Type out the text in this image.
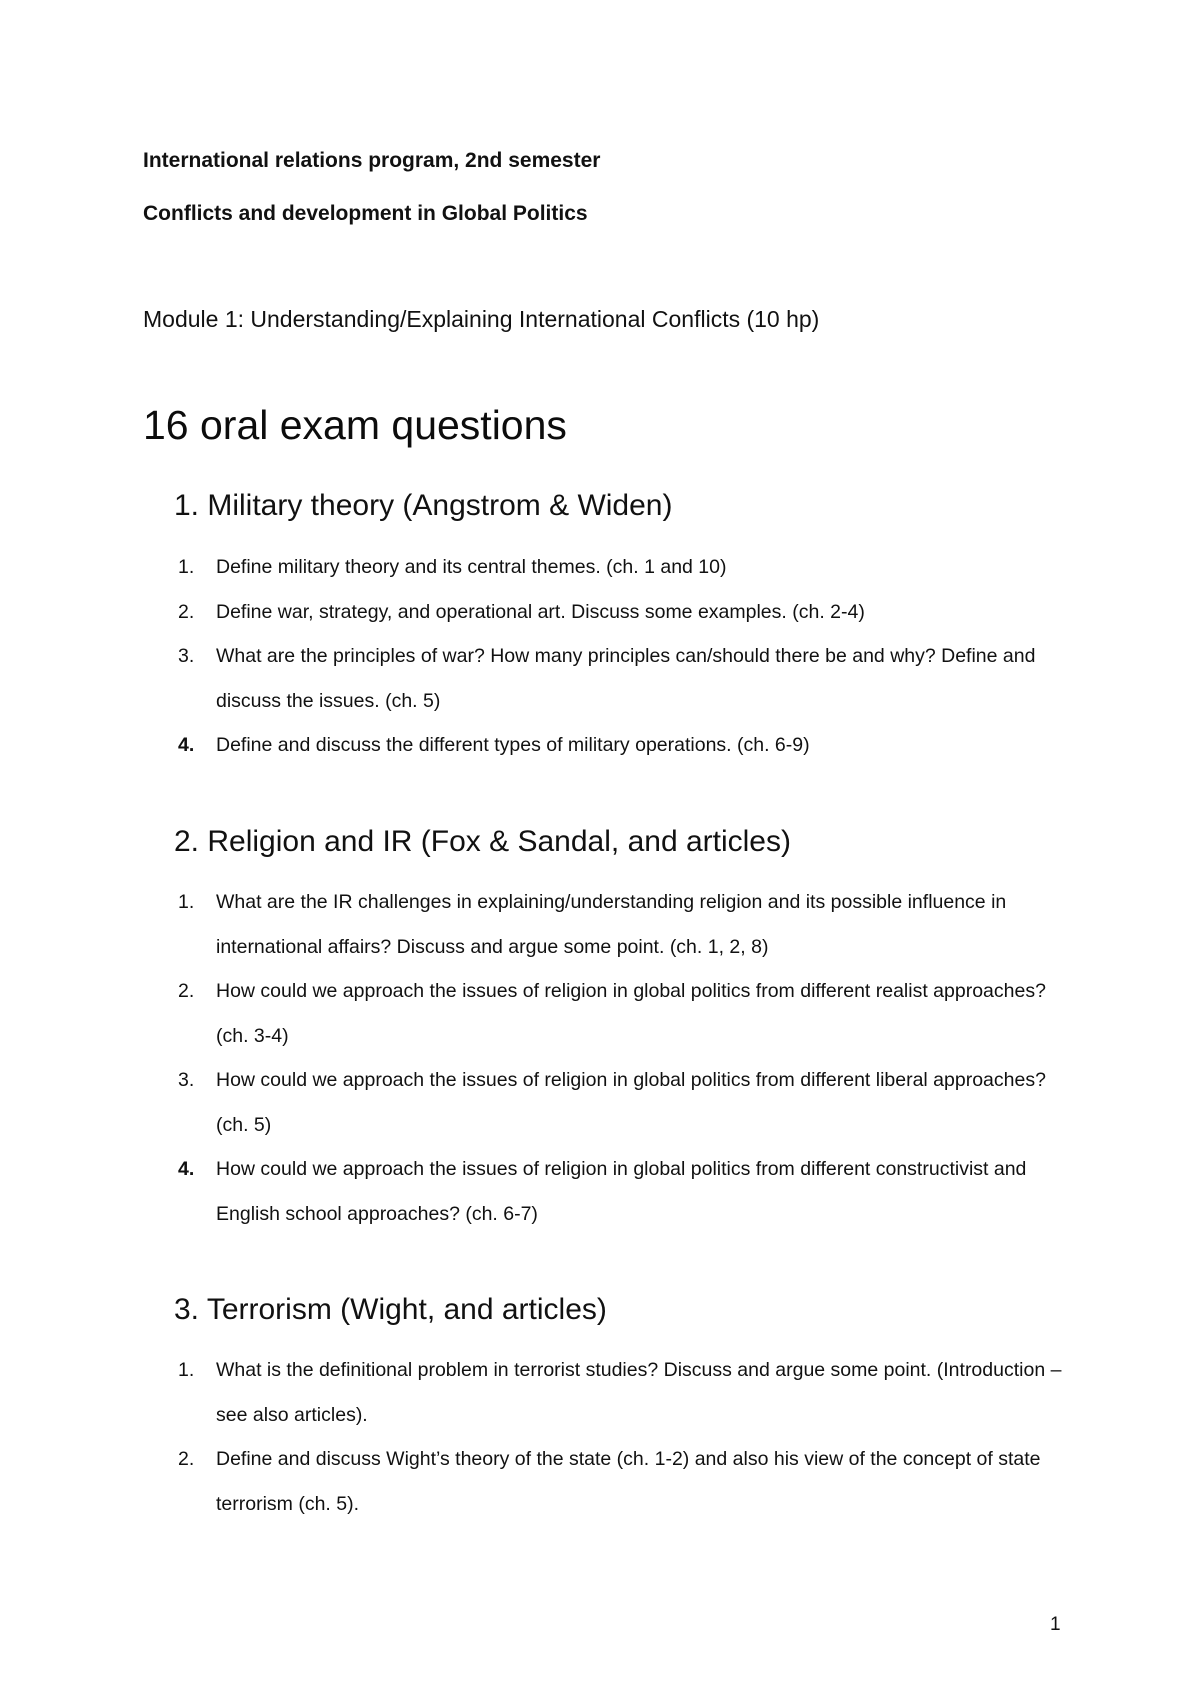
International relations program, 2nd semester
Conflicts and development in Global Politics
Module 1: Understanding/Explaining International Conflicts (10 hp)
16 oral exam questions
1. Military theory (Angstrom & Widen)
1.	Define military theory and its central themes. (ch. 1 and 10)
2.	Define war, strategy, and operational art. Discuss some examples. (ch. 2-4)
3.	What are the principles of war? How many principles can/should there be and why? Define and discuss the issues. (ch. 5)
4.	Define and discuss the different types of military operations. (ch. 6-9)
2. Religion and IR (Fox & Sandal, and articles)
1.	What are the IR challenges in explaining/understanding religion and its possible influence in international affairs? Discuss and argue some point. (ch. 1, 2, 8)
2.	How could we approach the issues of religion in global politics from different realist approaches? (ch. 3-4)
3.	How could we approach the issues of religion in global politics from different liberal approaches? (ch. 5)
4.	How could we approach the issues of religion in global politics from different constructivist and English school approaches? (ch. 6-7)
3. Terrorism (Wight, and articles)
1.	What is the definitional problem in terrorist studies? Discuss and argue some point. (Introduction – see also articles).
2.	Define and discuss Wight’s theory of the state (ch. 1-2) and also his view of the concept of state terrorism (ch. 5).
1
